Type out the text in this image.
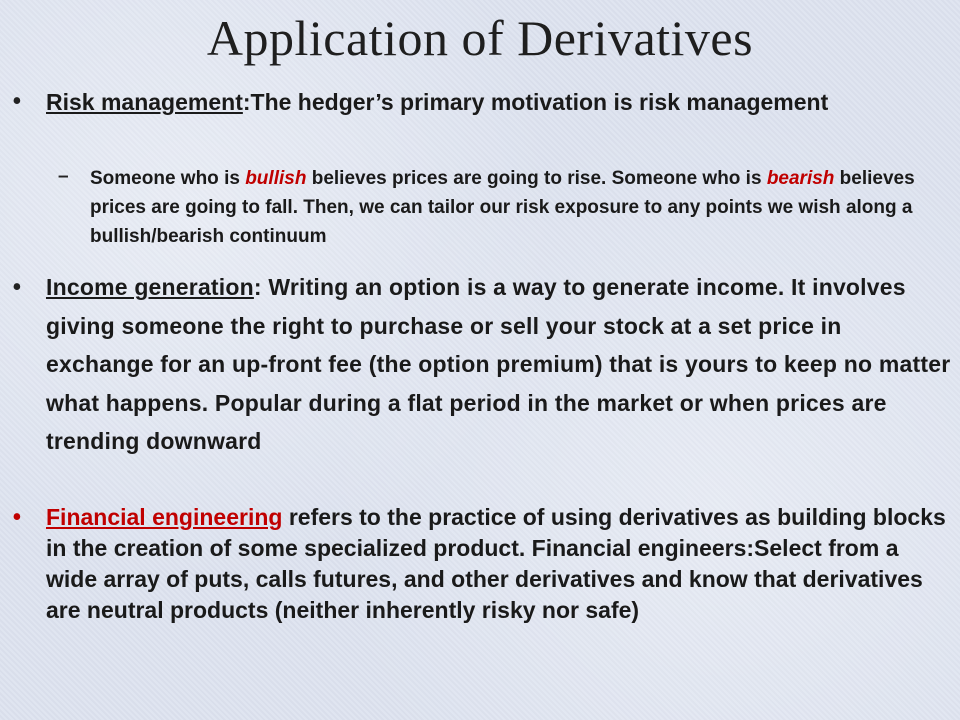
Application of Derivatives
• Risk management:The hedger’s primary motivation is risk management
– Someone who is bullish believes prices are going to rise. Someone who is bearish believes prices are going to fall. Then, we can tailor our risk exposure to any points we wish along a bullish/bearish continuum
• Income generation: Writing an option is a way to generate income. It involves giving someone the right to purchase or sell your stock at a set price in exchange for an up-front fee (the option premium) that is yours to keep no matter what happens. Popular during a flat period in the market or when prices are trending downward
• Financial engineering refers to the practice of using derivatives as building blocks in the creation of some specialized product. Financial engineers:Select from a wide array of puts, calls futures, and other derivatives and know that derivatives are neutral products (neither inherently risky nor safe)
